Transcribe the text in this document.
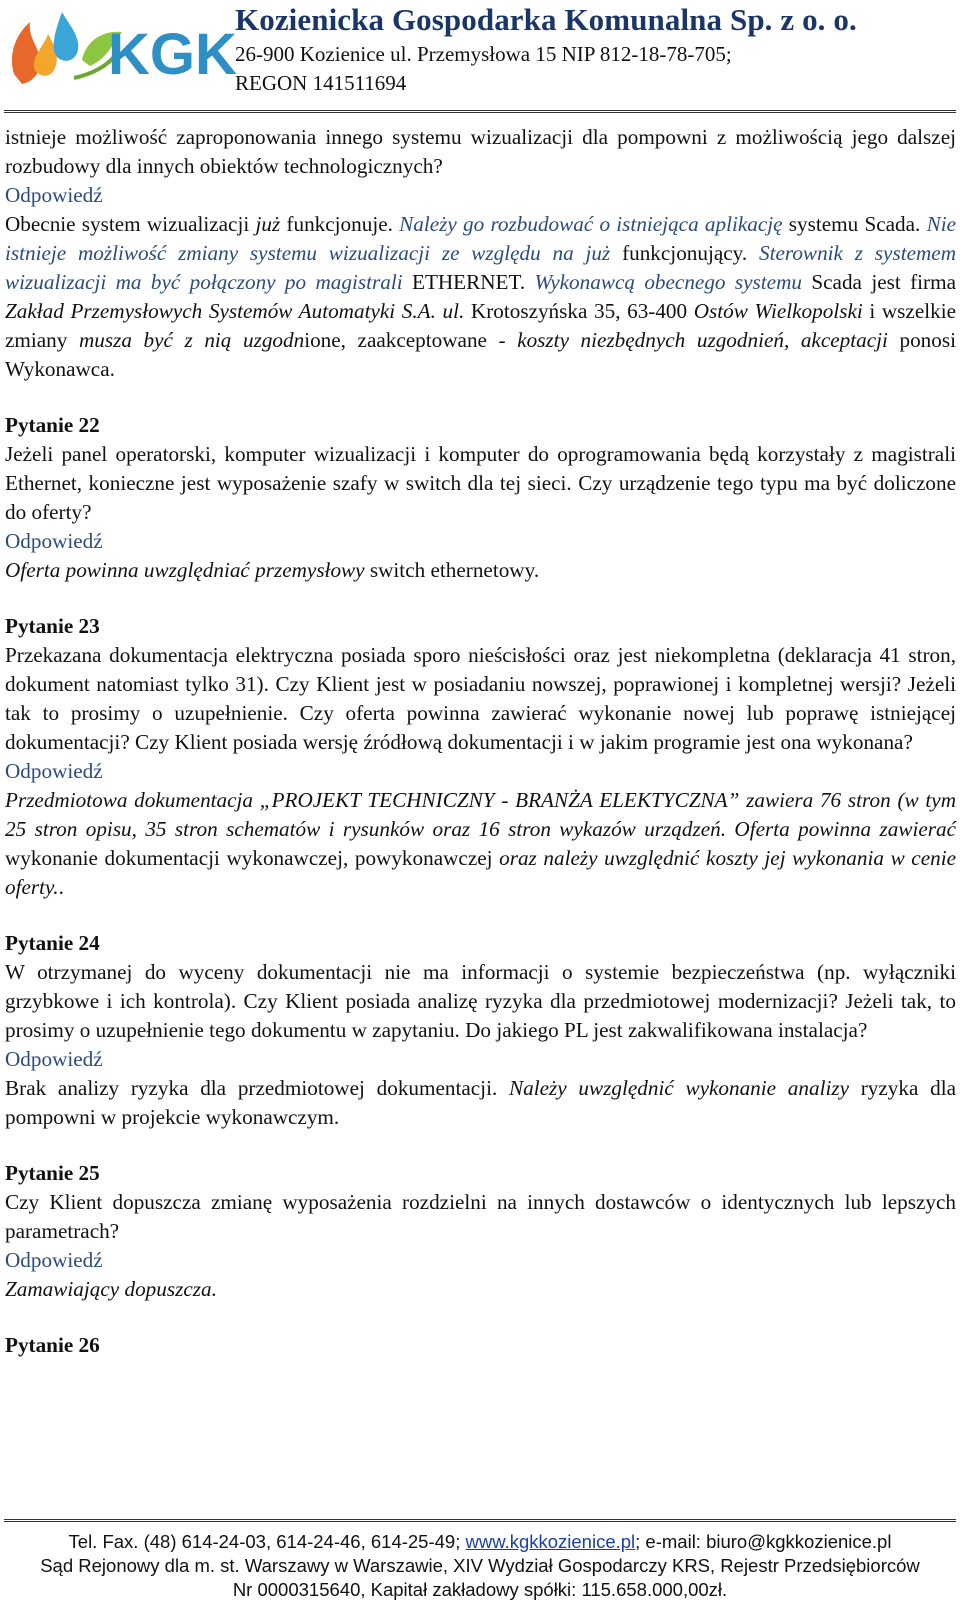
KGK
Kozienicka Gospodarka Komunalna Sp. z o. o.
26-900 Kozienice ul. Przemysłowa 15 NIP 812-18-78-705;
REGON 141511694

istnieje możliwość zaproponowania innego systemu wizualizacji dla pompowni z możliwością jego dalszej rozbudowy dla innych obiektów technologicznych?

Odpowiedź

Obecnie system wizualizacji już funkcjonuje. Należy go rozbudować o istniejąca aplikację systemu Scada. Nie istnieje możliwość zmiany systemu wizualizacji ze względu na już funkcjonujący. Sterownik z systemem wizualizacji ma być połączony po magistrali ETHERNET. Wykonawcą obecnego systemu Scada jest firma Zakład Przemysłowych Systemów Automatyki S.A. ul. Krotoszyńska 35, 63-400 Ostów Wielkopolski i wszelkie zmiany musza być z nią uzgodnione, zaakceptowane - koszty niezbędnych uzgodnień, akceptacji ponosi Wykonawca.

Pytanie 22

Jeżeli panel operatorski, komputer wizualizacji i komputer do oprogramowania będą korzystały z magistrali Ethernet, konieczne jest wyposażenie szafy w switch dla tej sieci. Czy urządzenie tego typu ma być doliczone do oferty?

Odpowiedź

Oferta powinna uwzględniać przemysłowy switch ethernetowy.

Pytanie 23

Przekazana dokumentacja elektryczna posiada sporo nieścisłości oraz jest niekompletna (deklaracja 41 stron, dokument natomiast tylko 31). Czy Klient jest w posiadaniu nowszej, poprawionej i kompletnej wersji? Jeżeli tak to prosimy o uzupełnienie. Czy oferta powinna zawierać wykonanie nowej lub poprawę istniejącej dokumentacji? Czy Klient posiada wersję źródłową dokumentacji i w jakim programie jest ona wykonana?

Odpowiedź

Przedmiotowa dokumentacja „PROJEKT TECHNICZNY - BRANŻA ELEKTYCZNA” zawiera 76 stron (w tym 25 stron opisu, 35 stron schematów i rysunków oraz 16 stron wykazów urządzeń. Oferta powinna zawierać wykonanie dokumentacji wykonawczej, powykonawczej oraz należy uwzględnić koszty jej wykonania w cenie oferty..

Pytanie 24

W otrzymanej do wyceny dokumentacji nie ma informacji o systemie bezpieczeństwa (np. wyłączniki grzybkowe i ich kontrola). Czy Klient posiada analizę ryzyka dla przedmiotowej modernizacji? Jeżeli tak, to prosimy o uzupełnienie tego dokumentu w zapytaniu. Do jakiego PL jest zakwalifikowana instalacja?

Odpowiedź

Brak analizy ryzyka dla przedmiotowej dokumentacji. Należy uwzględnić wykonanie analizy ryzyka dla pompowni w projekcie wykonawczym.

Pytanie 25

Czy Klient dopuszcza zmianę wyposażenia rozdzielni na innych dostawców o identycznych lub lepszych parametrach?

Odpowiedź

Zamawiający dopuszcza.

Pytanie 26

Tel. Fax. (48) 614-24-03, 614-24-46, 614-25-49; www.kgkkozienice.pl; e-mail: biuro@kgkkozienice.pl
Sąd Rejonowy dla m. st. Warszawy w Warszawie, XIV Wydział Gospodarczy KRS, Rejestr Przedsiębiorców
Nr 0000315640, Kapitał zakładowy spółki: 115.658.000,00zł.
